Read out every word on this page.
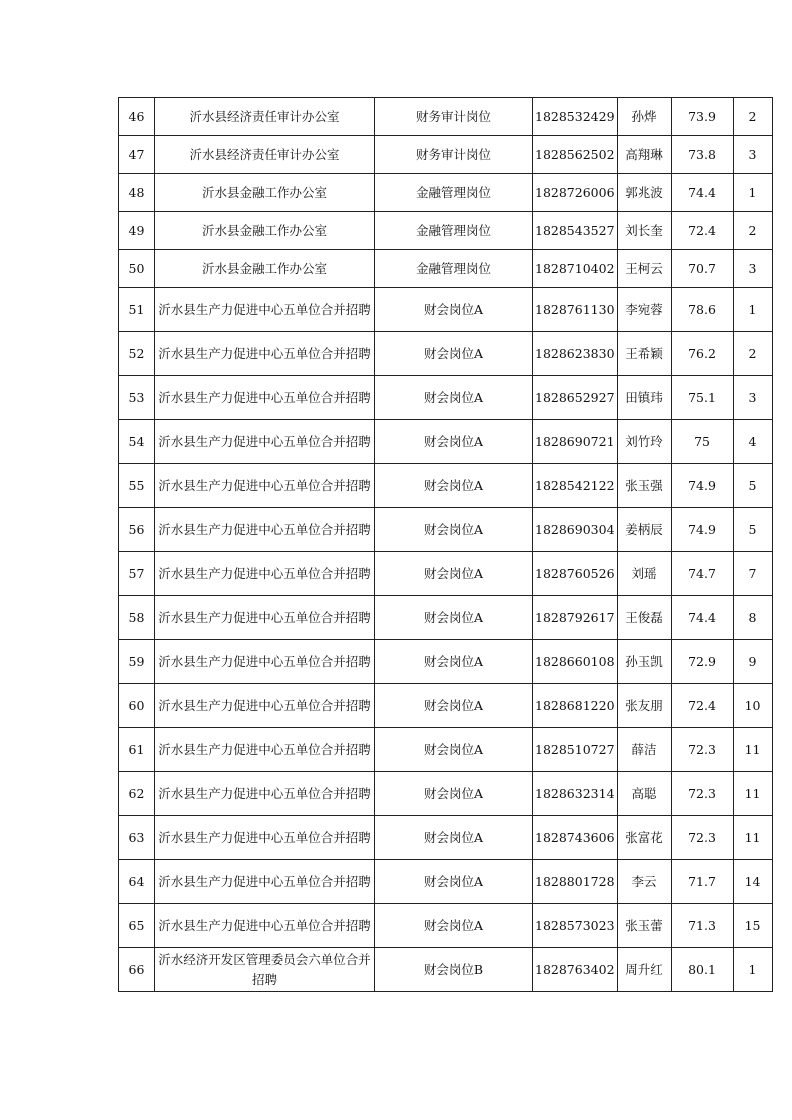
46	沂水县经济责任审计办公室	财务审计岗位	1828532429	孙烨	73.9	2
47	沂水县经济责任审计办公室	财务审计岗位	1828562502	高翔琳	73.8	3
48	沂水县金融工作办公室	金融管理岗位	1828726006	郭兆波	74.4	1
49	沂水县金融工作办公室	金融管理岗位	1828543527	刘长奎	72.4	2
50	沂水县金融工作办公室	金融管理岗位	1828710402	王柯云	70.7	3
51	沂水县生产力促进中心五单位合并招聘	财会岗位A	1828761130	李宛蓉	78.6	1
52	沂水县生产力促进中心五单位合并招聘	财会岗位A	1828623830	王希颖	76.2	2
53	沂水县生产力促进中心五单位合并招聘	财会岗位A	1828652927	田镇玮	75.1	3
54	沂水县生产力促进中心五单位合并招聘	财会岗位A	1828690721	刘竹玲	75	4
55	沂水县生产力促进中心五单位合并招聘	财会岗位A	1828542122	张玉强	74.9	5
56	沂水县生产力促进中心五单位合并招聘	财会岗位A	1828690304	姜柄辰	74.9	5
57	沂水县生产力促进中心五单位合并招聘	财会岗位A	1828760526	刘瑶	74.7	7
58	沂水县生产力促进中心五单位合并招聘	财会岗位A	1828792617	王俊磊	74.4	8
59	沂水县生产力促进中心五单位合并招聘	财会岗位A	1828660108	孙玉凯	72.9	9
60	沂水县生产力促进中心五单位合并招聘	财会岗位A	1828681220	张友朋	72.4	10
61	沂水县生产力促进中心五单位合并招聘	财会岗位A	1828510727	薛洁	72.3	11
62	沂水县生产力促进中心五单位合并招聘	财会岗位A	1828632314	高聪	72.3	11
63	沂水县生产力促进中心五单位合并招聘	财会岗位A	1828743606	张富花	72.3	11
64	沂水县生产力促进中心五单位合并招聘	财会岗位A	1828801728	李云	71.7	14
65	沂水县生产力促进中心五单位合并招聘	财会岗位A	1828573023	张玉蕾	71.3	15
66	沂水经济开发区管理委员会六单位合并招聘	财会岗位B	1828763402	周升红	80.1	1
